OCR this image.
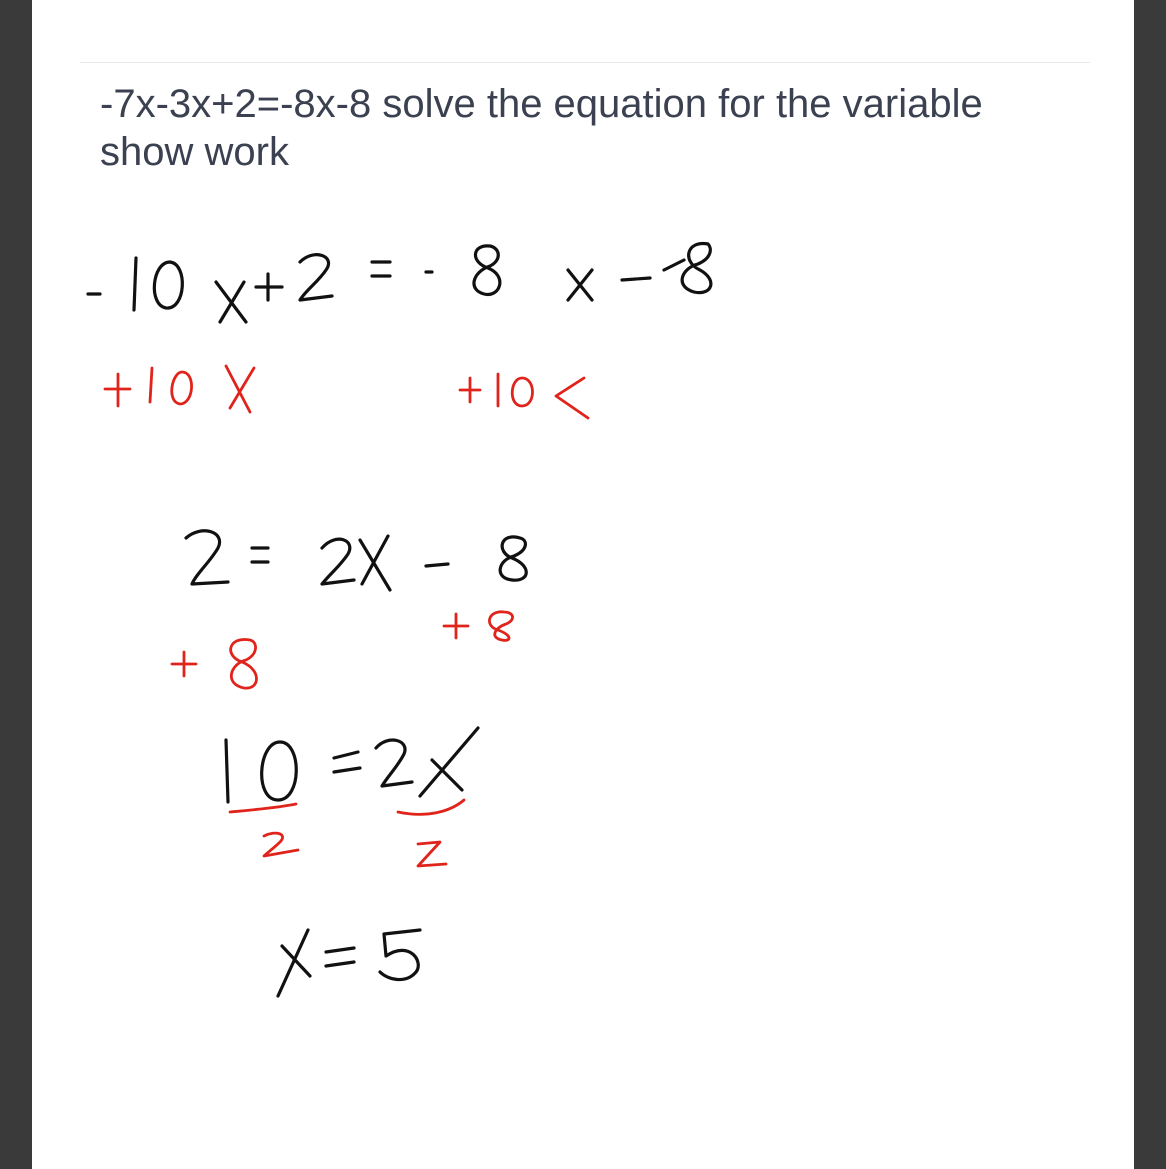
-7x-3x+2=-8x-8 solve the equation for the variable show work
